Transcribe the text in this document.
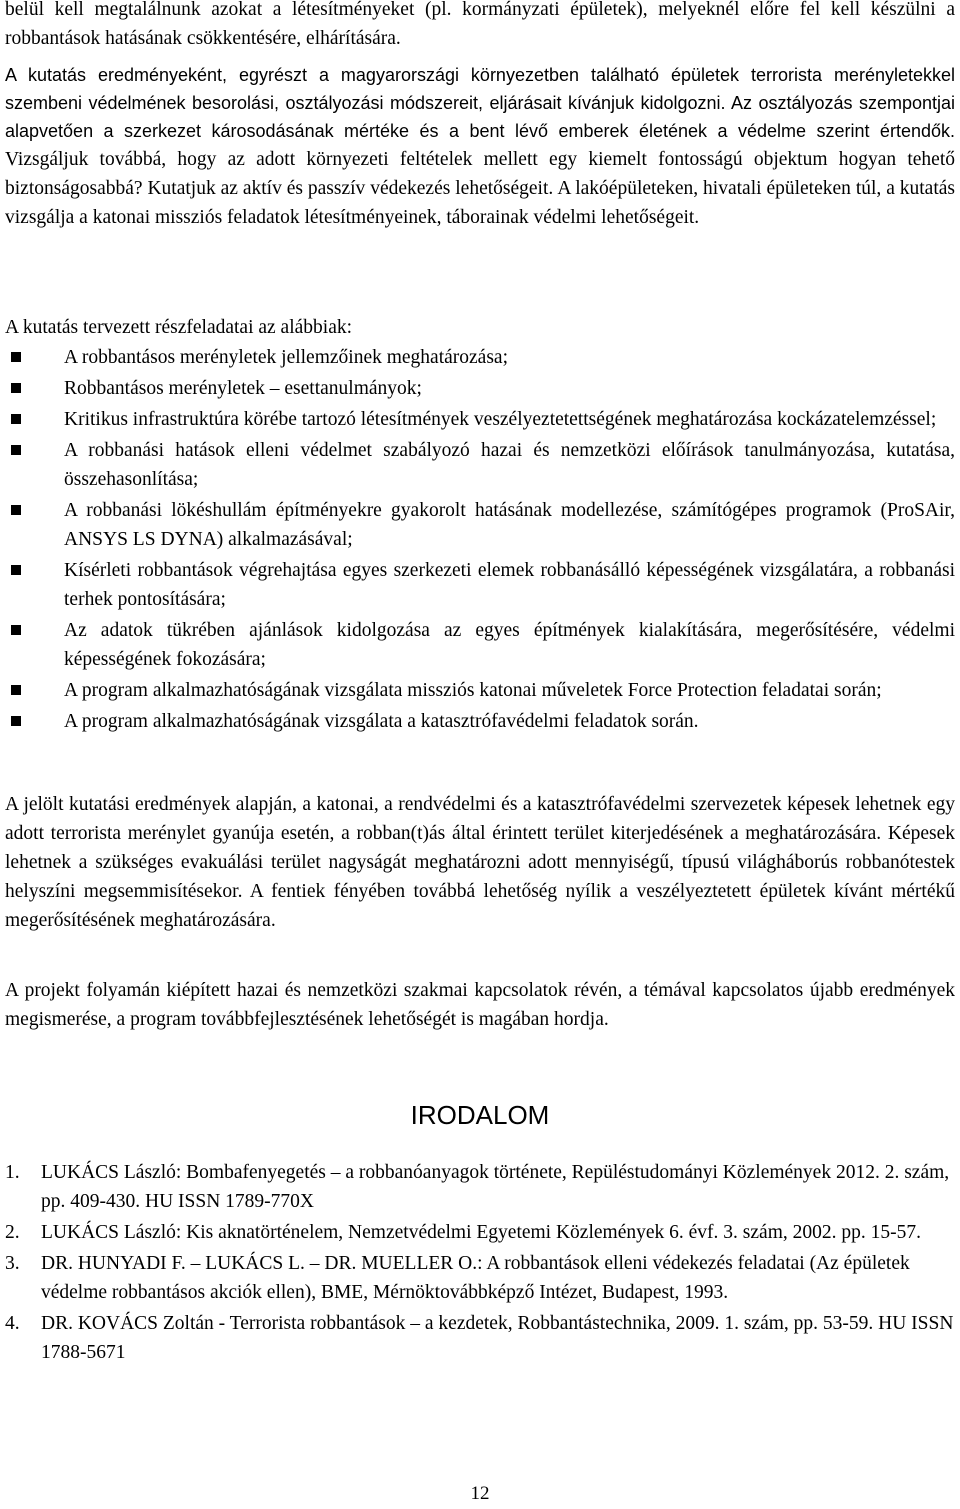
belül kell megtalálnunk azokat a létesítményeket (pl. kormányzati épületek), melyeknél előre fel kell készülni a robbantások hatásának csökkentésére, elhárítására.

A kutatás eredményeként, egyrészt a magyarországi környezetben található épületek terrorista merényletekkel szembeni védelmének besorolási, osztályozási módszereit, eljárásait kívánjuk kidolgozni. Az osztályozás szempontjai alapvetően a szerkezet károsodásának mértéke és a bent lévő emberek életének a védelme szerint értendők. Vizsgáljuk továbbá, hogy az adott környezeti feltételek mellett egy kiemelt fontosságú objektum hogyan tehető biztonságosabbá? Kutatjuk az aktív és passzív védekezés lehetőségeit. A lakóépületeken, hivatali épületeken túl, a kutatás vizsgálja a katonai missziós feladatok létesítményeinek, táborainak védelmi lehetőségeit.

A kutatás tervezett részfeladatai az alábbiak:

A robbantásos merényletek jellemzőinek meghatározása;
Robbantásos merényletek – esettanulmányok;
Kritikus infrastruktúra körébe tartozó létesítmények veszélyeztetettségének meghatározása kockázatelemzéssel;
A robbanási hatások elleni védelmet szabályozó hazai és nemzetközi előírások tanulmányozása, kutatása, összehasonlítása;
A robbanási lökéshullám építményekre gyakorolt hatásának modellezése, számítógépes programok (ProSAir, ANSYS LS DYNA) alkalmazásával;
Kísérleti robbantások végrehajtása egyes szerkezeti elemek robbanásálló képességének vizsgálatára, a robbanási terhek pontosítására;
Az adatok tükrében ajánlások kidolgozása az egyes építmények kialakítására, megerősítésére, védelmi képességének fokozására;
A program alkalmazhatóságának vizsgálata missziós katonai műveletek Force Protection feladatai során;
A program alkalmazhatóságának vizsgálata a katasztrófavédelmi feladatok során.

A jelölt kutatási eredmények alapján, a katonai, a rendvédelmi és a katasztrófavédelmi szervezetek képesek lehetnek egy adott terrorista merénylet gyanúja esetén, a robban(t)ás által érintett terület kiterjedésének a meghatározására. Képesek lehetnek a szükséges evakuálási terület nagyságát meghatározni adott mennyiségű, típusú világháborús robbanótestek helyszíni megsemmisítésekor. A fentiek fényében továbbá lehetőség nyílik a veszélyeztetett épületek kívánt mértékű megerősítésének meghatározására.

A projekt folyamán kiépített hazai és nemzetközi szakmai kapcsolatok révén, a témával kapcsolatos újabb eredmények megismerése, a program továbbfejlesztésének lehetőségét is magában hordja.

IRODALOM
1. LUKÁCS László: Bombafenyegetés – a robbanóanyagok története, Repüléstudományi Közlemények 2012. 2. szám, pp. 409-430. HU ISSN 1789-770X
2. LUKÁCS László: Kis aknatörténelem, Nemzetvédelmi Egyetemi Közlemények 6. évf. 3. szám, 2002. pp. 15-57.
3. DR. HUNYADI F. – LUKÁCS L. – DR. MUELLER O.: A robbantások elleni védekezés feladatai (Az épületek védelme robbantásos akciók ellen), BME, Mérnöktovábbképző Intézet, Budapest, 1993.
4. DR. KOVÁCS Zoltán - Terrorista robbantások – a kezdetek, Robbantástechnika, 2009. 1. szám, pp. 53-59. HU ISSN 1788-5671

12
